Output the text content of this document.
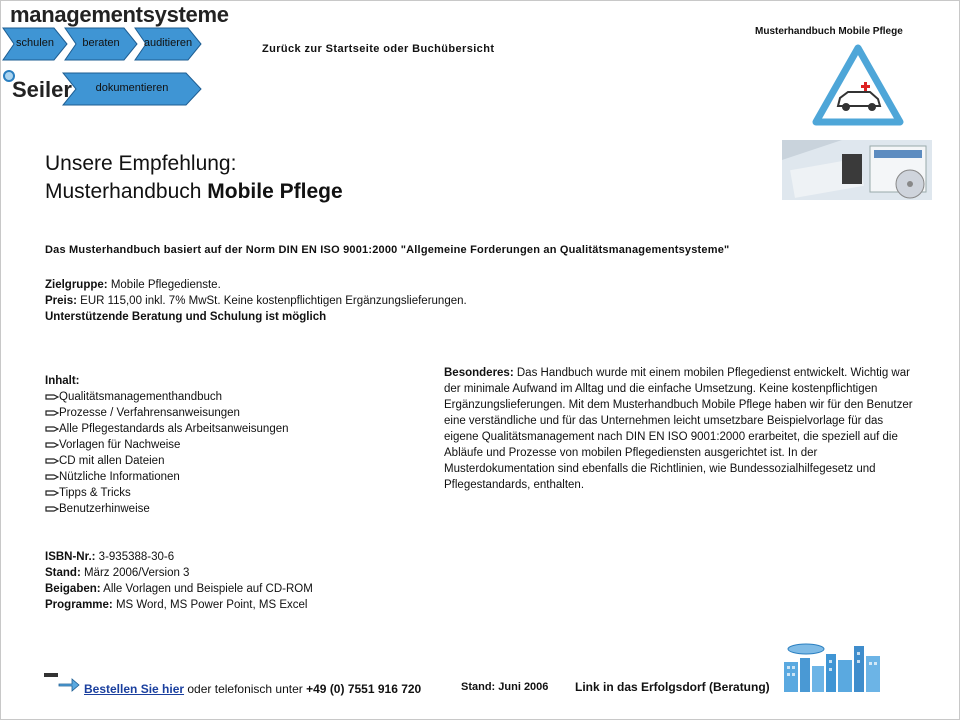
managementsysteme
schulen	beraten	auditieren
dokumentieren
Seiler
Zurück zur Startseite oder Buchübersicht
Musterhandbuch Mobile Pflege
Unsere Empfehlung:
Musterhandbuch Mobile Pflege
Das Musterhandbuch basiert auf der Norm DIN EN ISO 9001:2000 "Allgemeine Forderungen an Qualitätsmanagementsysteme"
Zielgruppe: Mobile Pflegedienste.
Preis: EUR 115,00 inkl. 7% MwSt. Keine kostenpflichtigen Ergänzungslieferungen.
Unterstützende Beratung und Schulung ist möglich
Inhalt:
Qualitätsmanagementhandbuch
Prozesse / Verfahrensanweisungen
Alle Pflegestandards als Arbeitsanweisungen
Vorlagen für Nachweise
CD mit allen Dateien
Nützliche Informationen
Tipps & Tricks
Benutzerhinweise
Besonderes: Das Handbuch wurde mit einem mobilen Pflegedienst entwickelt. Wichtig war der minimale Aufwand im Alltag und die einfache Umsetzung. Keine kostenpflichtigen Ergänzungslieferungen. Mit dem Musterhandbuch Mobile Pflege haben wir für den Benutzer eine verständliche und für das Unternehmen leicht umsetzbare Beispielvorlage für das eigene Qualitätsmanagement nach DIN EN ISO 9001:2000 erarbeitet, die speziell auf die Abläufe und Prozesse von mobilen Pflegediensten ausgerichtet ist. In der Musterdokumentation sind ebenfalls die Richtlinien, wie Bundessozialhilfegesetz und Pflegestandards, enthalten.
ISBN-Nr.: 3-935388-30-6
Stand: März 2006/Version 3
Beigaben: Alle Vorlagen und Beispiele auf CD-ROM
Programme: MS Word, MS Power Point, MS Excel
Bestellen Sie hier oder telefonisch unter +49 (0) 7551 916 720	Stand: Juni 2006 Link in das Erfolgsdorf (Beratung)
